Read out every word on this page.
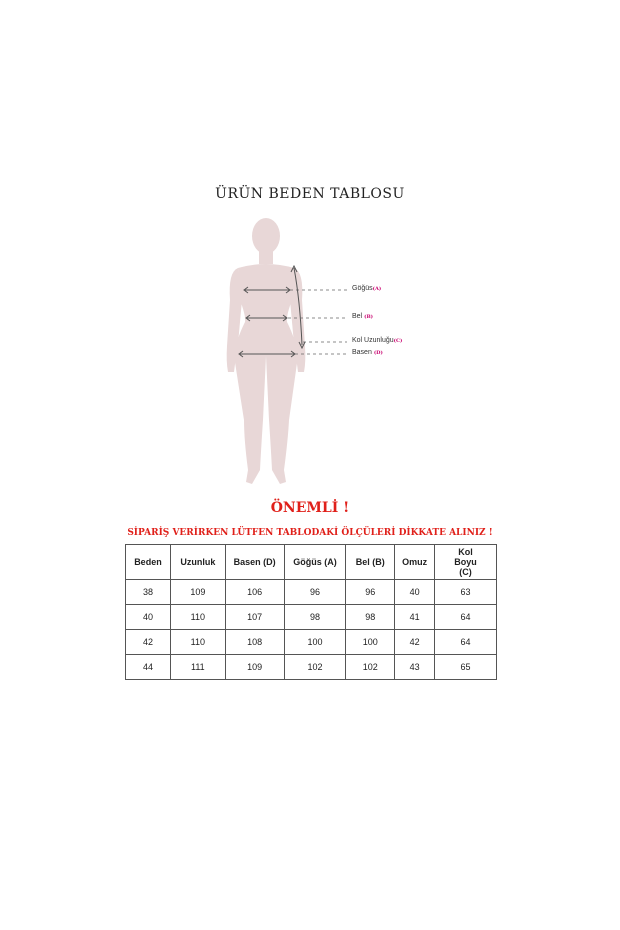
ÜRÜN BEDEN TABLOSU
Göğüs(A)
Bel (B)
Kol Uzunluğu(C)
Basen (D)
ÖNEMLİ !
SİPARİŞ VERİRKEN LÜTFEN TABLODAKİ ÖLÇÜLERİ DİKKATE ALINIZ !
Beden	Uzunluk	Basen (D)	Göğüs (A)	Bel (B)	Omuz	Kol Boyu (C)
38	109	106	96	96	40	63
40	110	107	98	98	41	64
42	110	108	100	100	42	64
44	111	109	102	102	43	65
